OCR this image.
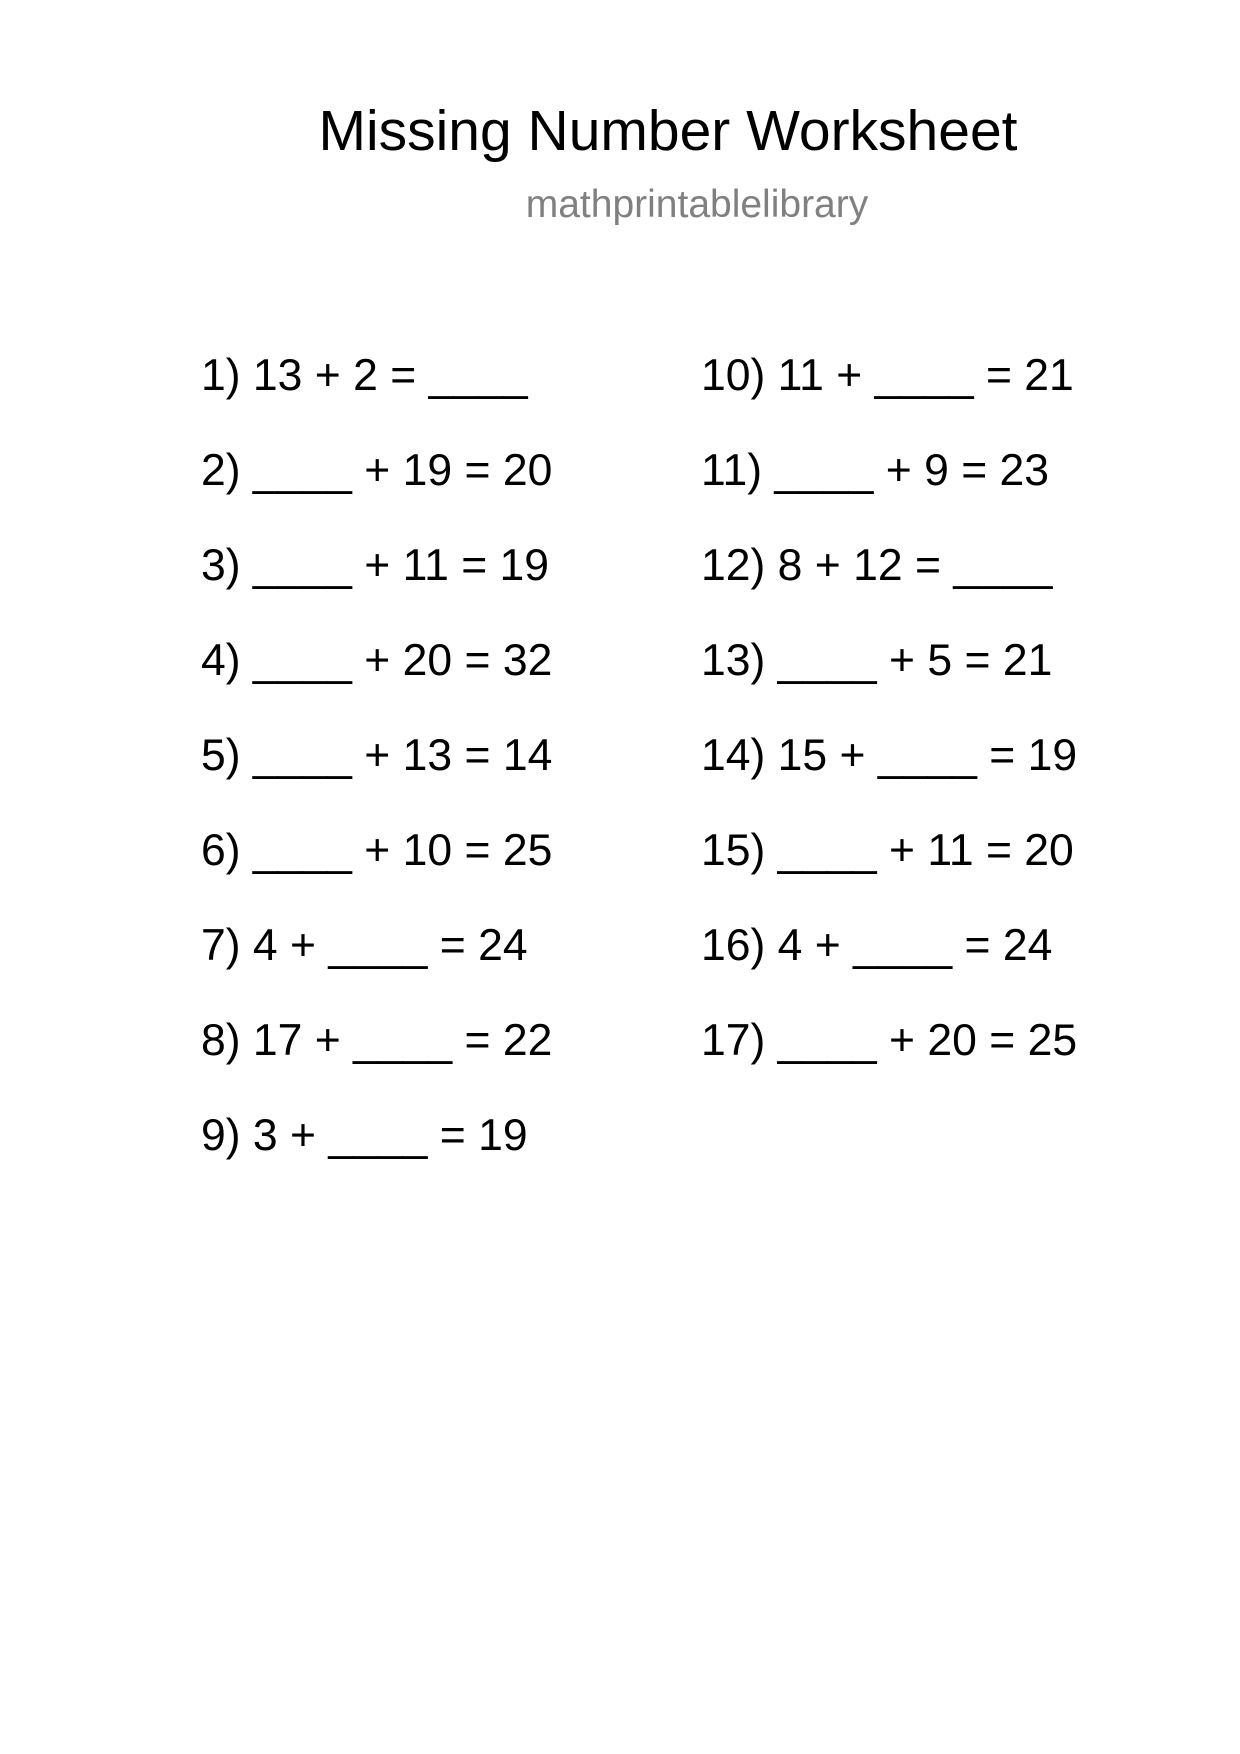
Missing Number Worksheet
mathprintablelibrary
1) 13 + 2 = ____
2) ____ + 19 = 20
3) ____ + 11 = 19
4) ____ + 20 = 32
5) ____ + 13 = 14
6) ____ + 10 = 25
7) 4 + ____ = 24
8) 17 + ____ = 22
9) 3 + ____ = 19
10) 11 + ____ = 21
11) ____ + 9 = 23
12) 8 + 12 = ____
13) ____ + 5 = 21
14) 15 + ____ = 19
15) ____ + 11 = 20
16) 4 + ____ = 24
17) ____ + 20 = 25
